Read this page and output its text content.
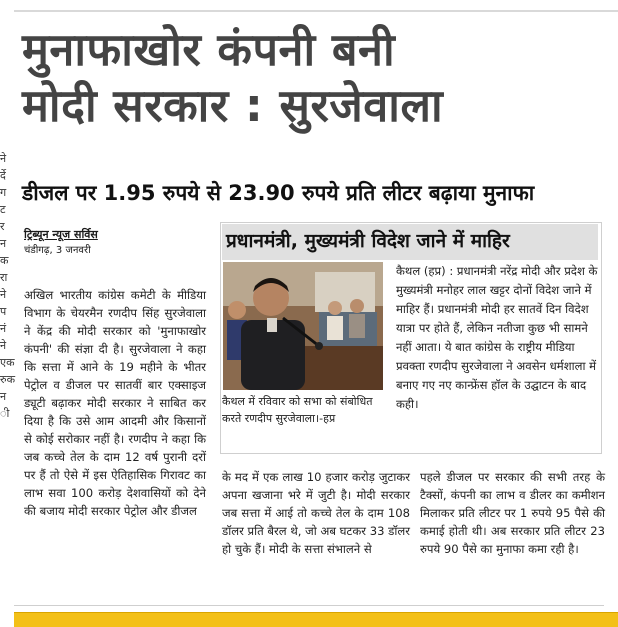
ने
र्दे
ग
ट
र
न
क
रा
ने
प
नं
ने
एक
रुक
न
ी
मुनाफाखोर कंपनी बनी
मोदी सरकार : सुरजेवाला
डीजल पर 1.95 रुपये से 23.90 रुपये प्रति लीटर बढ़ाया मुनाफा
ट्रिब्यून न्यूज सर्विस
चंडीगढ़, 3 जनवरी
अखिल भारतीय कांग्रेस कमेटी के मीडिया विभाग के चेयरमैन रणदीप सिंह सुरजेवाला ने केंद्र की मोदी सरकार को 'मुनाफाखोर कंपनी' की संज्ञा दी है। सुरजेवाला ने कहा कि सत्ता में आने के 19 महीने के भीतर पेट्रोल व डीजल पर सातवीं बार एक्साइज ड्यूटी बढ़ाकर मोदी सरकार ने साबित कर दिया है कि उसे आम आदमी और किसानों से कोई सरोकार नहीं है। रणदीप ने कहा कि जब कच्चे तेल के दाम 12 वर्ष पुरानी दरों पर हैं तो ऐसे में इस ऐतिहासिक गिरावट का लाभ सवा 100 करोड़ देशवासियों को देने की बजाय मोदी सरकार पेट्रोल और डीजल
प्रधानमंत्री, मुख्यमंत्री विदेश जाने में माहिर
कैथल में रविवार को सभा को संबोधित करते रणदीप सुरजेवाला।-हप्र
कैथल (हप्र) : प्रधानमंत्री नरेंद्र मोदी और प्रदेश के मुख्यमंत्री मनोहर लाल खट्टर दोनों विदेश जाने में माहिर हैं। प्रधानमंत्री मोदी हर सातवें दिन विदेश यात्रा पर होते हैं, लेकिन नतीजा कुछ भी सामने नहीं आता। ये बात कांग्रेस के राष्ट्रीय मीडिया प्रवक्ता रणदीप सुरजेवाला ने अवसेन धर्मशाला में बनाए गए नए कान्फ्रेंस हॉल के उद्घाटन के बाद कही।
के मद में एक लाख 10 हजार करोड़ जुटाकर अपना खजाना भरे में जुटी है। मोदी सरकार जब सत्ता में आई तो कच्चे तेल के दाम 108 डॉलर प्रति बैरल थे, जो अब घटकर 33 डॉलर हो चुके हैं। मोदी के सत्ता संभालने से
पहले डीजल पर सरकार की सभी तरह के टैक्सों, कंपनी का लाभ व डीलर का कमीशन मिलाकर प्रति लीटर पर 1 रुपये 95 पैसे की कमाई होती थी। अब सरकार प्रति लीटर 23 रुपये 90 पैसे का मुनाफा कमा रही है।
